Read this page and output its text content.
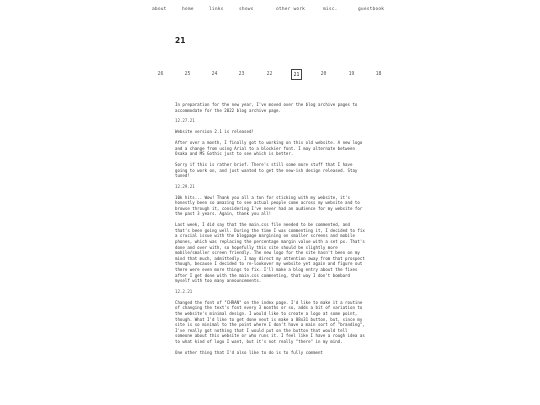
about	home	links	shows	other work	misc.	guestbook
21
26	25	24	23	22	21	20	19	18

In preparation for the new year, I've moved over the blog archive pages to accommodate for the 2022 blog archive page.

12.27.21

Website version 2.1 is released!

After over a month, I finally got to working on this old website. A new logo and a change from using Arial to a blockier font. I may alternate between Osaka and MS Gothic just to see which is better.

Sorry if this is rather brief. There's still some more stuff that I have going to work on, and just wanted to get the new-ish design released. Stay tuned!

12.29.21

10k hits... Wow! Thank you all a ton for sticking with my website, it's honestly been so amazing to see actual people come across my website and to browse through it, considering I've never had an audience for my website for the past 3 years. Again, thank you all!

Last week, I did say that the main.css file needed to be commented, and that's been going well. During the time I was commenting it, I decided to fix a crucial issue with the blogpage margining on smaller screens and mobile phones, which was replacing the percentage margin value with a set px. That's done and over with, so hopefully this site should be slightly more mobile/smaller screen friendly. The new logo for the site hasn't been on my mind that much, admittedly. I may direct my attention away from that prospect though, because I decided to re-lookover my website yet again and figure out there were even more things to fix. I'll make a blog entry about the fixes after I get done with the main.css commenting, that way I don't bombard myself with too many announcements.

12.2.21

Changed the font of "CHRAN" on the index page. I'd like to make it a routine of changing the text's font every 3 months or so, adds a bit of variation to the website's minimal design. I would like to create a logo at some point, though. What I'd like to get done next is make a 88x31 button, but, since my site is so minimal to the point where I don't have a main sort of "branding", I've really got nothing that I would put on the button that would tell someone about this website or who runs it. I feel like I have a rough idea as to what kind of logo I want, but it's not really "there" in my mind.

One other thing that I'd also like to do is to fully comment
